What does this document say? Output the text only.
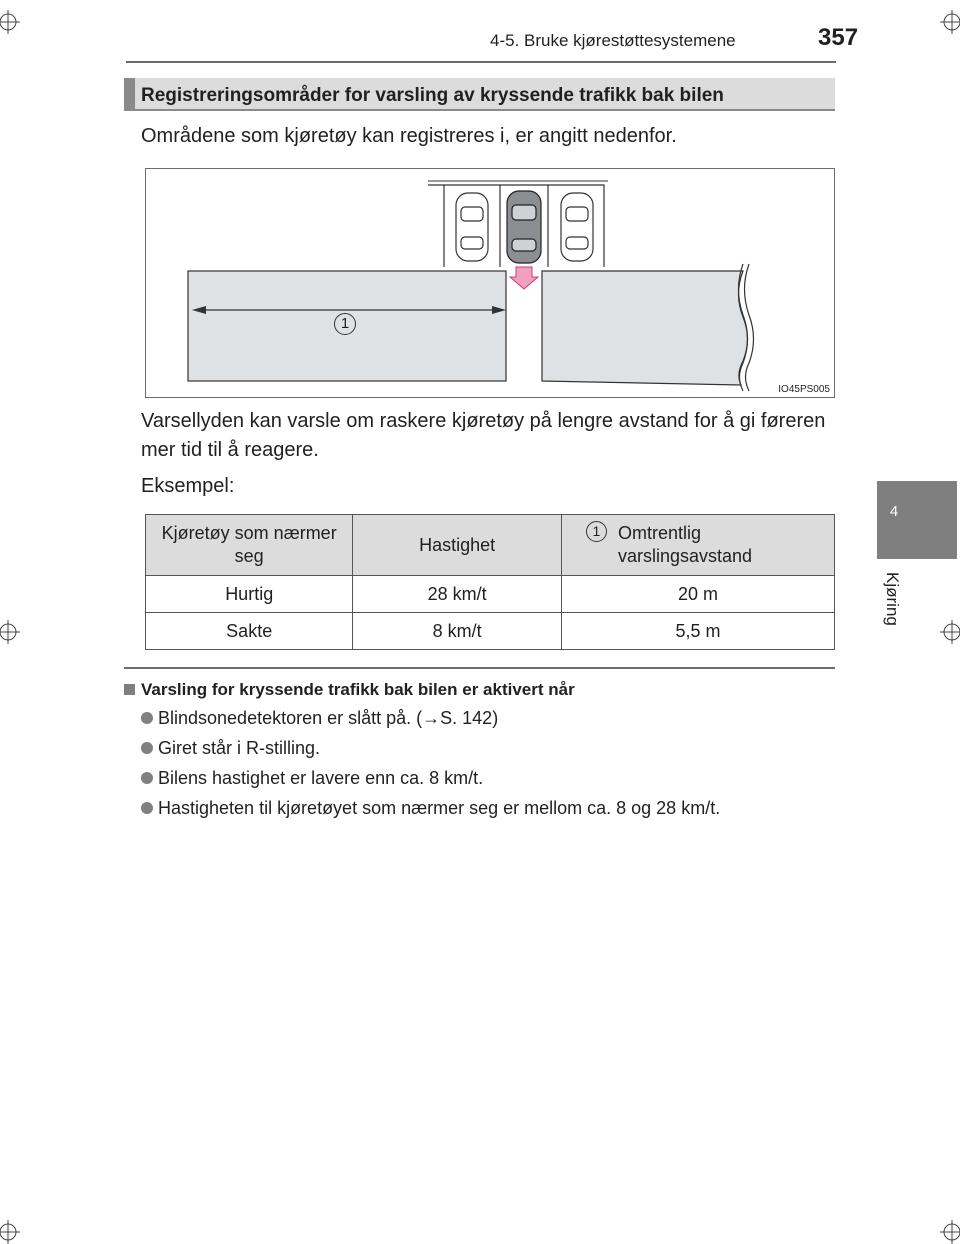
4-5. Bruke kjørestøttesystemene	357
4
Kjøring
Registreringsområder for varsling av kryssende trafikk bak bilen
Områdene som kjøretøy kan registreres i, er angitt nedenfor.
1
IO45PS005
Varsellyden kan varsle om raskere kjøretøy på lengre avstand for å gi føreren mer tid til å reagere.
Eksempel:
Kjøretøy som nærmer seg	Hastighet	1 Omtrentlig varslingsavstand
Hurtig	28 km/t	20 m
Sakte	8 km/t	5,5 m
Varsling for kryssende trafikk bak bilen er aktivert når
Blindsonedetektoren er slått på. (→S. 142)
Giret står i R-stilling.
Bilens hastighet er lavere enn ca. 8 km/t.
Hastigheten til kjøretøyet som nærmer seg er mellom ca. 8 og 28 km/t.
